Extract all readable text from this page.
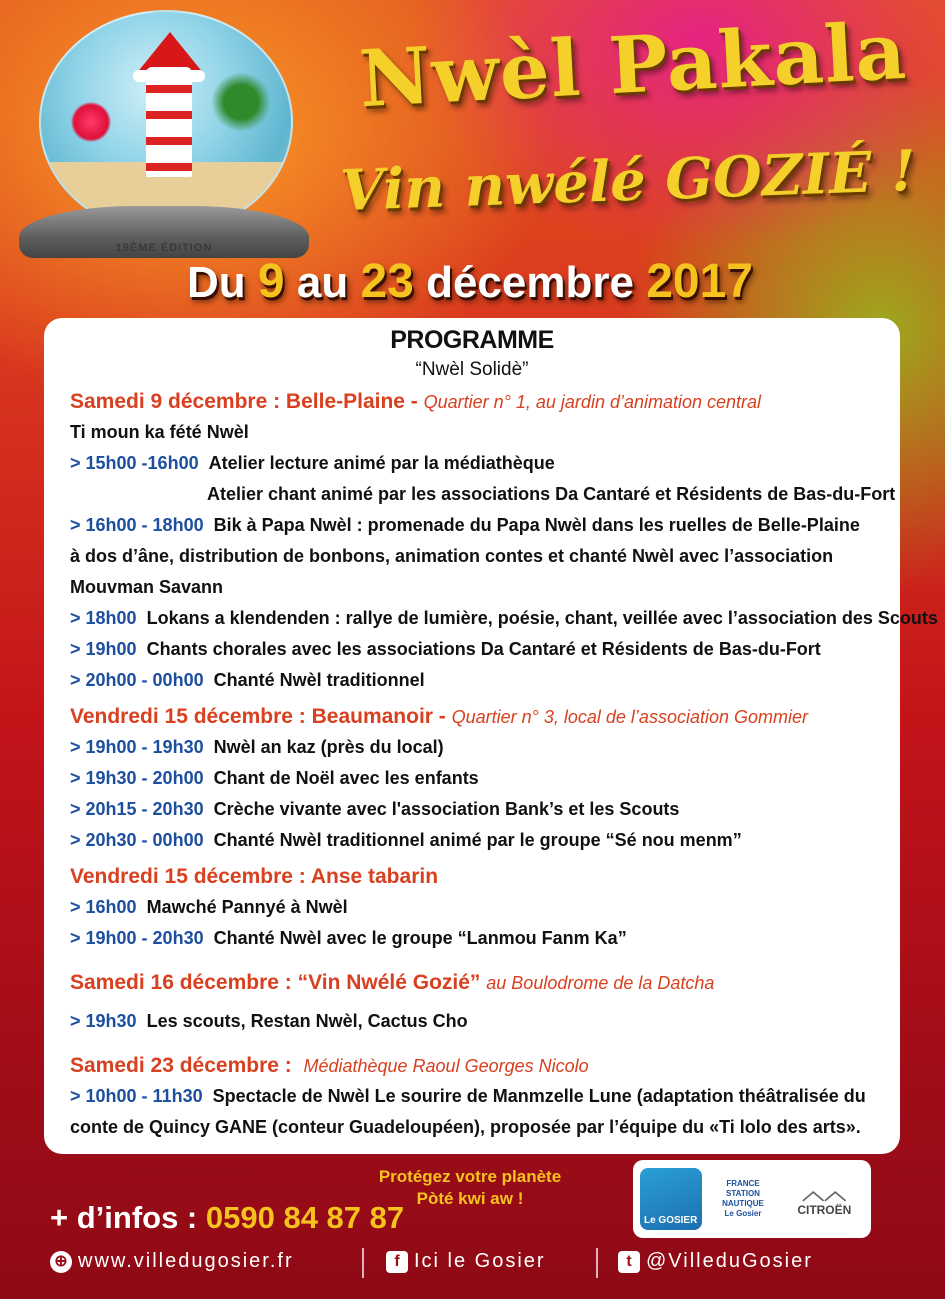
19ÈME ÉDITION
Nwèl Pakala
Vin nwélé GOZIÉ !
Du 9 au 23 décembre 2017
PROGRAMME
“Nwèl Solidè”
Samedi 9 décembre : Belle-Plaine - Quartier n° 1, au jardin d’animation central
Ti moun ka fété Nwèl
> 15h00 -16h00 Atelier lecture animé par la médiathèque
Atelier chant animé par les associations Da Cantaré et Résidents de Bas-du-Fort
> 16h00 - 18h00 Bik à Papa Nwèl : promenade du Papa Nwèl dans les ruelles de Belle-Plaine à dos d’âne, distribution de bonbons, animation contes et chanté Nwèl avec l’association Mouvman Savann
> 18h00 Lokans a klendenden : rallye de lumière, poésie, chant, veillée avec l’association des Scouts
> 19h00 Chants chorales avec les associations Da Cantaré et Résidents de Bas-du-Fort
> 20h00 - 00h00 Chanté Nwèl traditionnel
Vendredi 15 décembre : Beaumanoir - Quartier n° 3, local de l’association Gommier
> 19h00 - 19h30 Nwèl an kaz (près du local)
> 19h30 - 20h00 Chant de Noël avec les enfants
> 20h15 - 20h30 Crèche vivante avec l'association Bank’s et les Scouts
> 20h30 - 00h00 Chanté Nwèl traditionnel animé par le groupe “Sé nou menm”
Vendredi 15 décembre : Anse tabarin
> 16h00 Mawché Pannyé à Nwèl
> 19h00 - 20h30 Chanté Nwèl avec le groupe “Lanmou Fanm Ka”
Samedi 16 décembre : “Vin Nwélé Gozié” au Boulodrome de la Datcha
> 19h30 Les scouts, Restan Nwèl, Cactus Cho
Samedi 23 décembre : Médiathèque Raoul Georges Nicolo
> 10h00 - 11h30 Spectacle de Nwèl Le sourire de Manmzelle Lune (adaptation théâtralisée du conte de Quincy GANE (conteur Guadeloupéen), proposée par l’équipe du «Ti lolo des arts».
Protégez votre planète
Pòté kwi aw !
+ d’infos : 0590 84 87 87	Le GOSIER
FRANCE
STATION
NAUTIQUE
Le Gosier
︿︿
CITROËN
⊕ www.villedugosier.fr	f Ici le Gosier	t @VilleduGosier
